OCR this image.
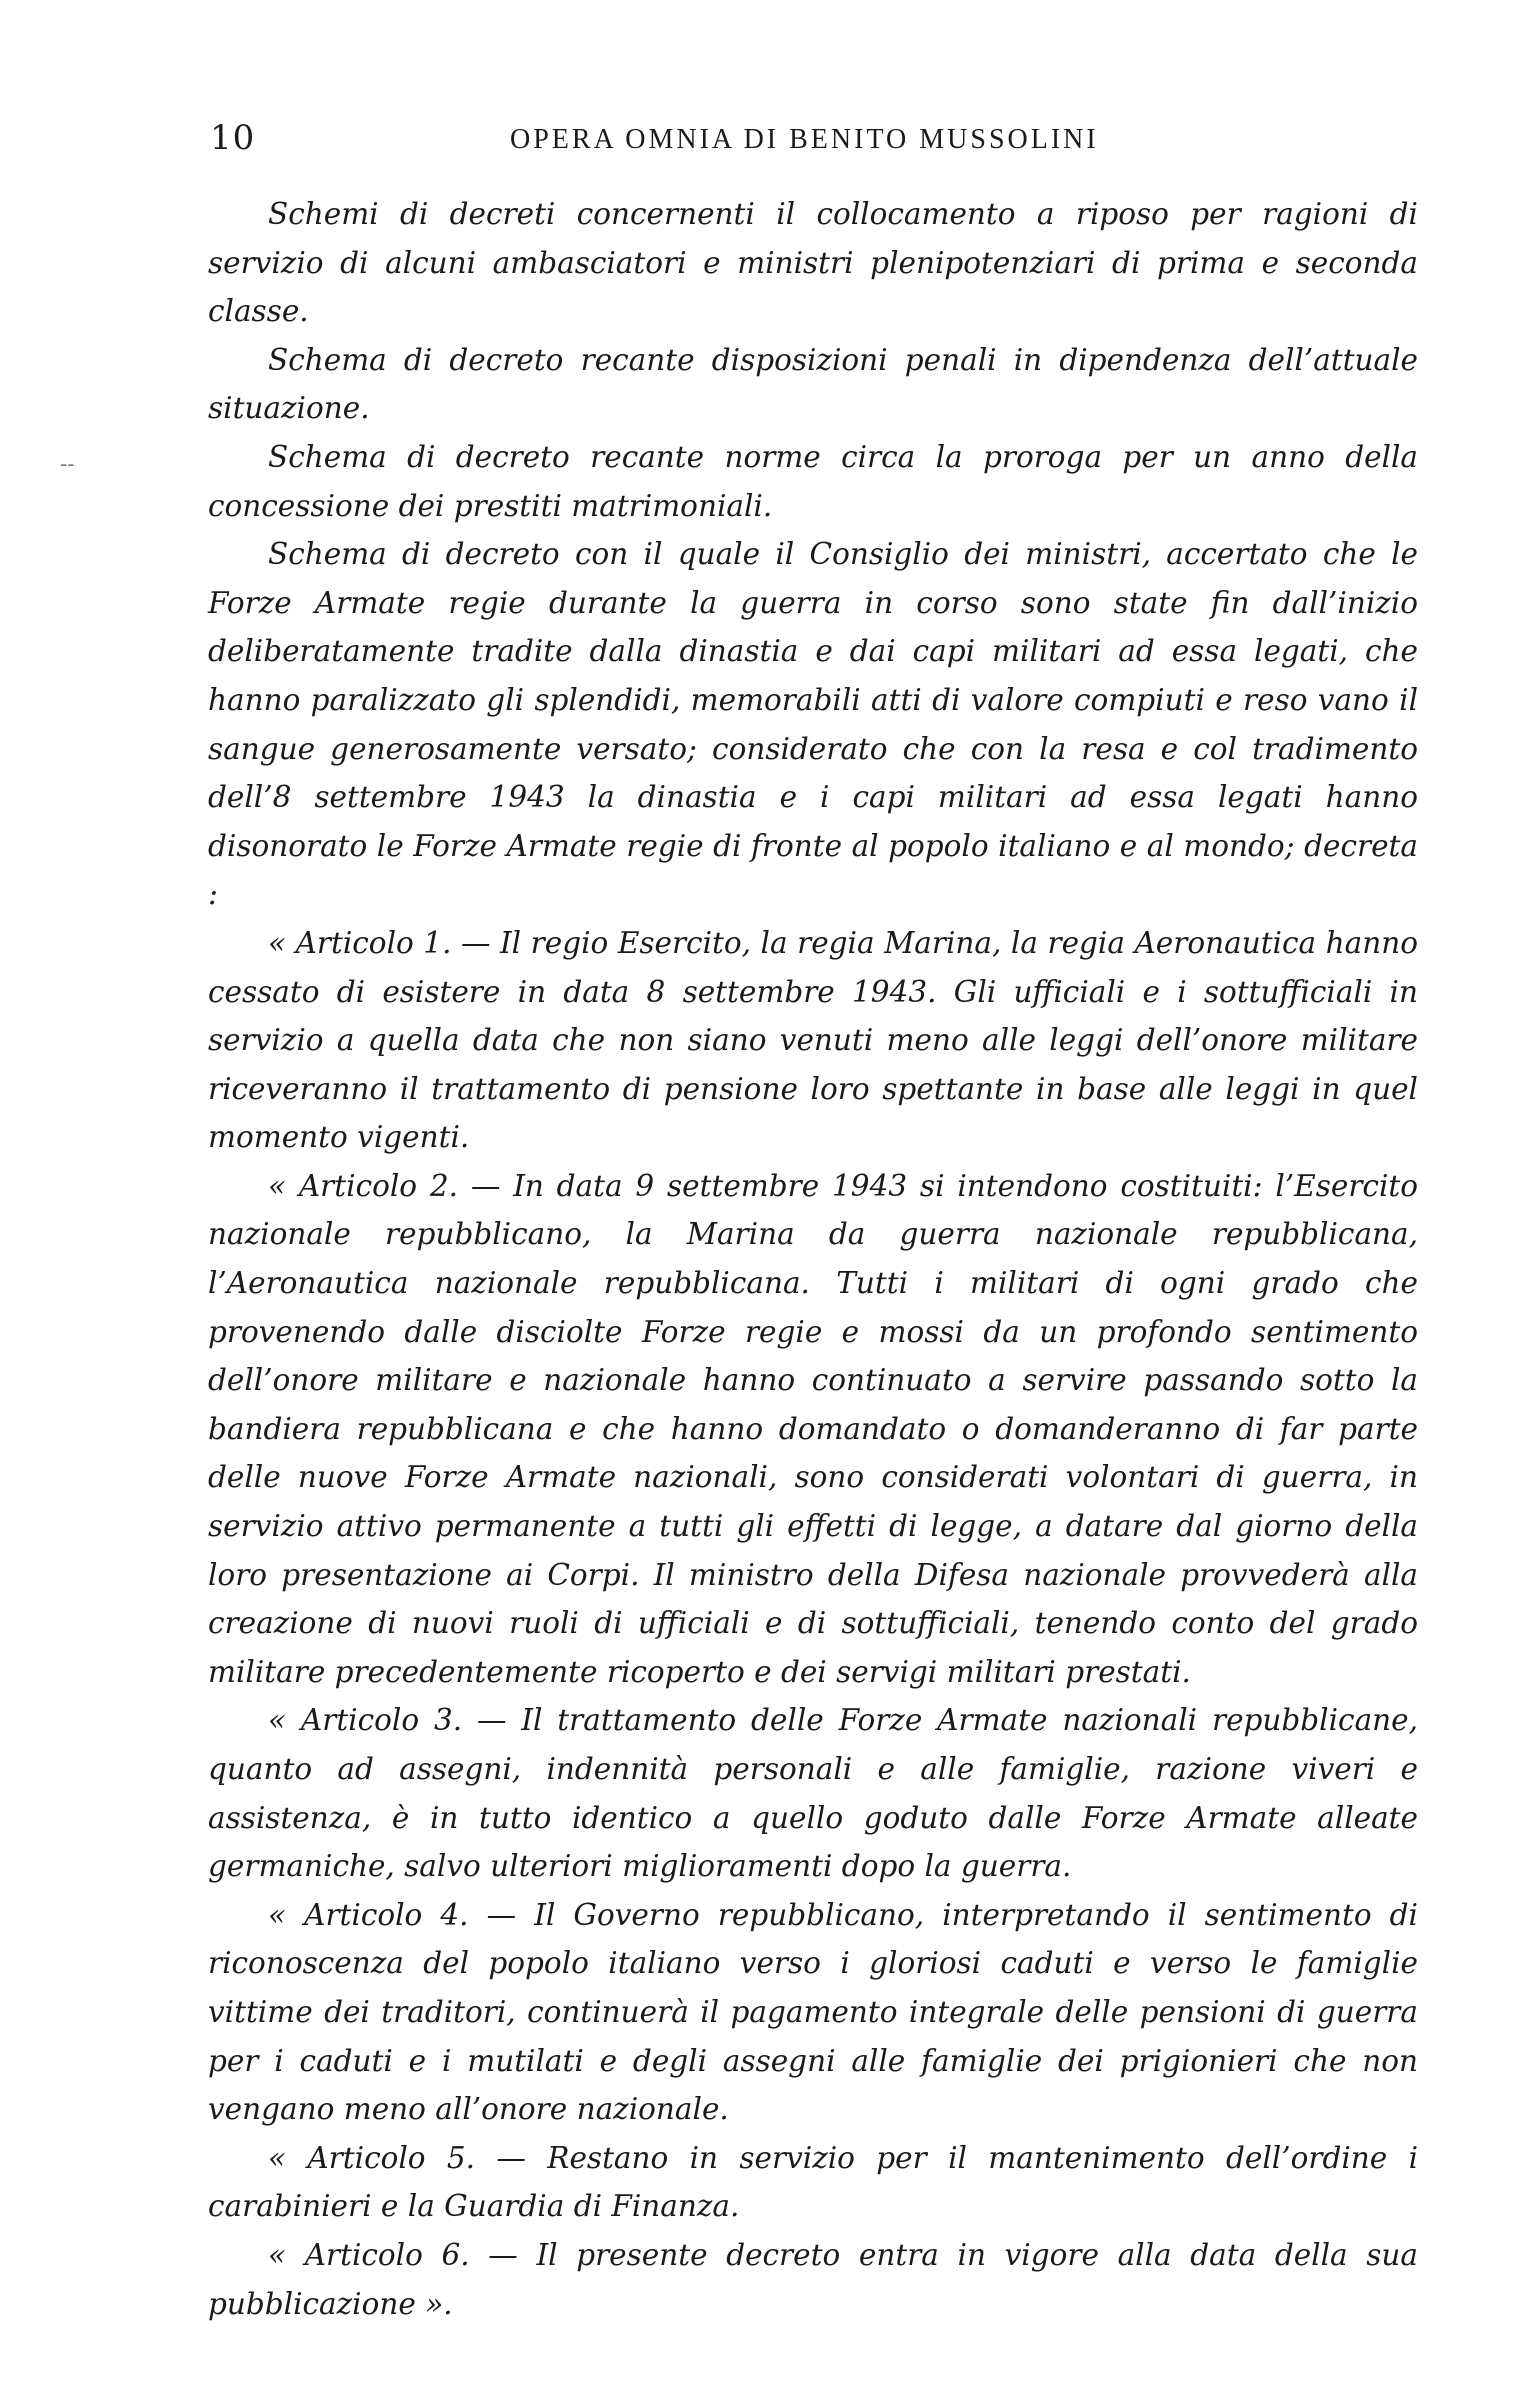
10	OPERA OMNIA DI BENITO MUSSOLINI
--

Schemi di decreti concernenti il collocamento a riposo per ragioni di servizio di alcuni ambasciatori e ministri plenipotenziari di prima e seconda classe.

Schema di decreto recante disposizioni penali in dipendenza dell’attuale situazione.

Schema di decreto recante norme circa la proroga per un anno della concessione dei prestiti matrimoniali.

Schema di decreto con il quale il Consiglio dei ministri, accertato che le Forze Armate regie durante la guerra in corso sono state fin dall’inizio deliberatamente tradite dalla dinastia e dai capi militari ad essa legati, che hanno paralizzato gli splendidi, memorabili atti di valore compiuti e reso vano il sangue generosamente versato; considerato che con la resa e col tradimento dell’8 settembre 1943 la dinastia e i capi militari ad essa legati hanno disonorato le Forze Armate regie di fronte al popolo italiano e al mondo; decreta :

« Articolo 1. — Il regio Esercito, la regia Marina, la regia Aeronautica hanno cessato di esistere in data 8 settembre 1943. Gli ufficiali e i sottufficiali in servizio a quella data che non siano venuti meno alle leggi dell’onore militare riceveranno il trattamento di pensione loro spettante in base alle leggi in quel momento vigenti.

« Articolo 2. — In data 9 settembre 1943 si intendono costituiti: l’Esercito nazionale repubblicano, la Marina da guerra nazionale repubblicana, l’Aeronautica nazionale repubblicana. Tutti i militari di ogni grado che provenendo dalle disciolte Forze regie e mossi da un profondo sentimento dell’onore militare e nazionale hanno continuato a servire passando sotto la bandiera repubblicana e che hanno domandato o domanderanno di far parte delle nuove Forze Armate nazionali, sono considerati volontari di guerra, in servizio attivo permanente a tutti gli effetti di legge, a datare dal giorno della loro presentazione ai Corpi. Il ministro della Difesa nazionale provvederà alla creazione di nuovi ruoli di ufficiali e di sottufficiali, tenendo conto del grado militare precedentemente ricoperto e dei servigi militari prestati.

« Articolo 3. — Il trattamento delle Forze Armate nazionali repubblicane, quanto ad assegni, indennità personali e alle famiglie, razione viveri e assistenza, è in tutto identico a quello goduto dalle Forze Armate alleate germaniche, salvo ulteriori miglioramenti dopo la guerra.

« Articolo 4. — Il Governo repubblicano, interpretando il sentimento di riconoscenza del popolo italiano verso i gloriosi caduti e verso le famiglie vittime dei traditori, continuerà il pagamento integrale delle pensioni di guerra per i caduti e i mutilati e degli assegni alle famiglie dei prigionieri che non vengano meno all’onore nazionale.

« Articolo 5. — Restano in servizio per il mantenimento dell’ordine i carabinieri e la Guardia di Finanza.

« Articolo 6. — Il presente decreto entra in vigore alla data della sua pubblicazione ».
